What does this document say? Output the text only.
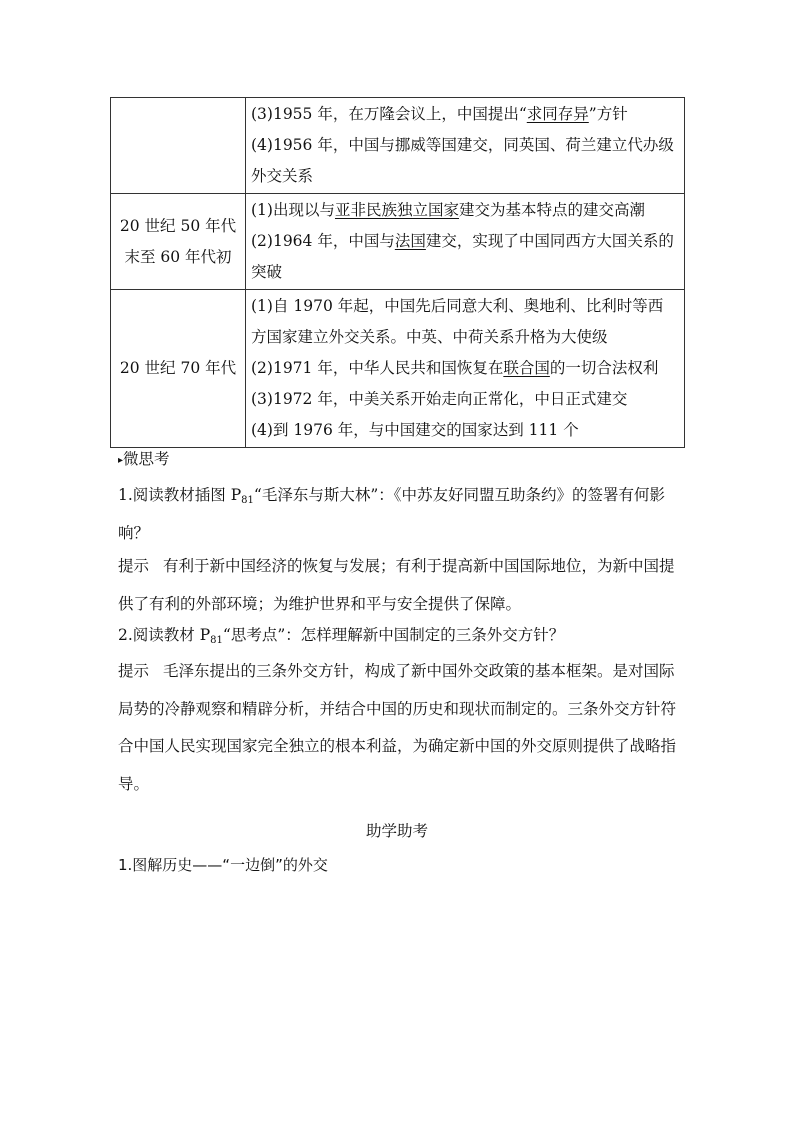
	(3)1955 年，在万隆会议上，中国提出“求同存异”方针
(4)1956 年，中国与挪威等国建交，同英国、荷兰建立代办级外交关系

20 世纪 50 年代末至 60 年代初	(1)出现以与亚非民族独立国家建交为基本特点的建交高潮
(2)1964 年，中国与法国建交，实现了中国同西方大国关系的突破

20 世纪 70 年代	(1)自 1970 年起，中国先后同意大利、奥地利、比利时等西方国家建立外交关系。中英、中荷关系升格为大使级
(2)1971 年，中华人民共和国恢复在联合国的一切合法权利
(3)1972 年，中美关系开始走向正常化，中日正式建交
(4)到 1976 年，与中国建交的国家达到 111 个
▸微思考
1.阅读教材插图 $P_{81}“$毛泽东与斯大林”：《中苏友好同盟互助条约》的签署有何影响？
提示 有利于新中国经济的恢复与发展；有利于提高新中国国际地位，为新中国提供了有利的外部环境；为维护世界和平与安全提供了保障。
2.阅读教材 $P_{81}“$思考点”：怎样理解新中国制定的三条外交方针？
提示 毛泽东提出的三条外交方针，构成了新中国外交政策的基本框架。是对国际局势的冷静观察和精辟分析，并结合中国的历史和现状而制定的。三条外交方针符合中国人民实现国家完全独立的根本利益，为确定新中国的外交原则提供了战略指导。
助学助考
1.图解历史——“一边倒”的外交
